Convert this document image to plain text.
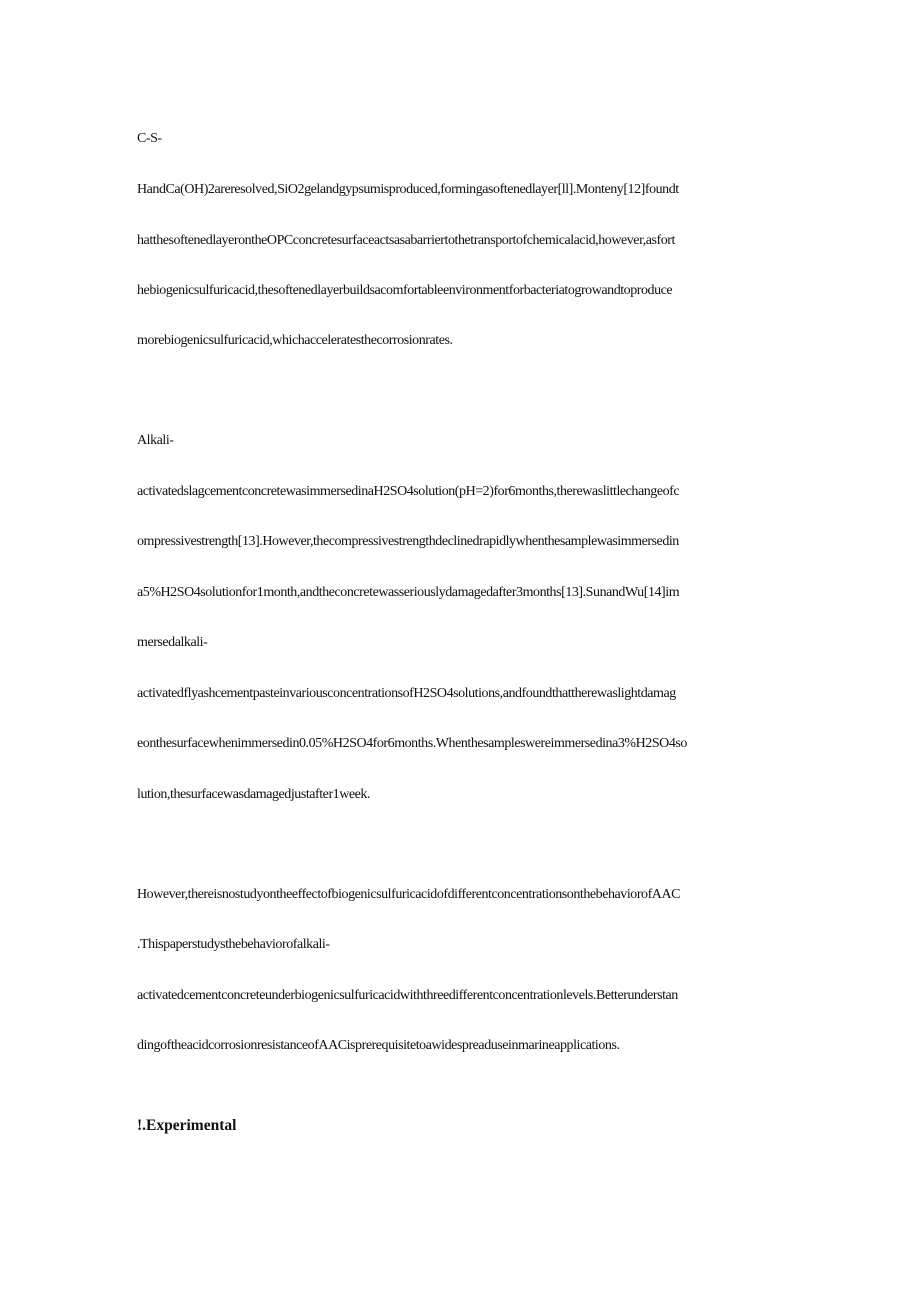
C-S-
HandCa(OH)2areresolved,SiO2gelandgypsumisproduced,formingasoftenedlayer[ll].Monteny[12]foundt
hatthesoftenedlayerontheOPCconcretesurfaceactsasabarriertothetransportofchemicalacid,however,asfort
hebiogenicsulfuricacid,thesoftenedlayerbuildsacomfortableenvironmentforbacteriatogrowandtoproduce
morebiogenicsulfuricacid,whichacceleratesthecorrosionrates.
Alkali-
activatedslagcementconcretewasimmersedinaH2SO4solution(pH=2)for6months,therewaslittlechangeofc
ompressivestrength[13].However,thecompressivestrengthdeclinedrapidlywhenthesamplewasimmersedin
a5%H2SO4solutionfor1month,andtheconcretewasseriouslydamagedafter3months[13].SunandWu[14]im
mersedalkali-
activatedflyashcementpasteinvariousconcentrationsofH2SO4solutions,andfoundthattherewaslightdamag
eonthesurfacewhenimmersedin0.05%H2SO4for6months.Whenthesampleswereimmersedina3%H2SO4so
lution,thesurfacewasdamagedjustafter1week.
However,thereisnostudyontheeffectofbiogenicsulfuricacidofdifferentconcentrationsonthebehaviorofAAC
.Thispaperstudysthebehaviorofalkali-
activatedcementconcreteunderbiogenicsulfuricacidwiththreedifferentconcentrationlevels.Betterunderstan
dingoftheacidcorrosionresistanceofAACisprerequisitetoawidespreaduseinmarineapplications.
!.Experimental
